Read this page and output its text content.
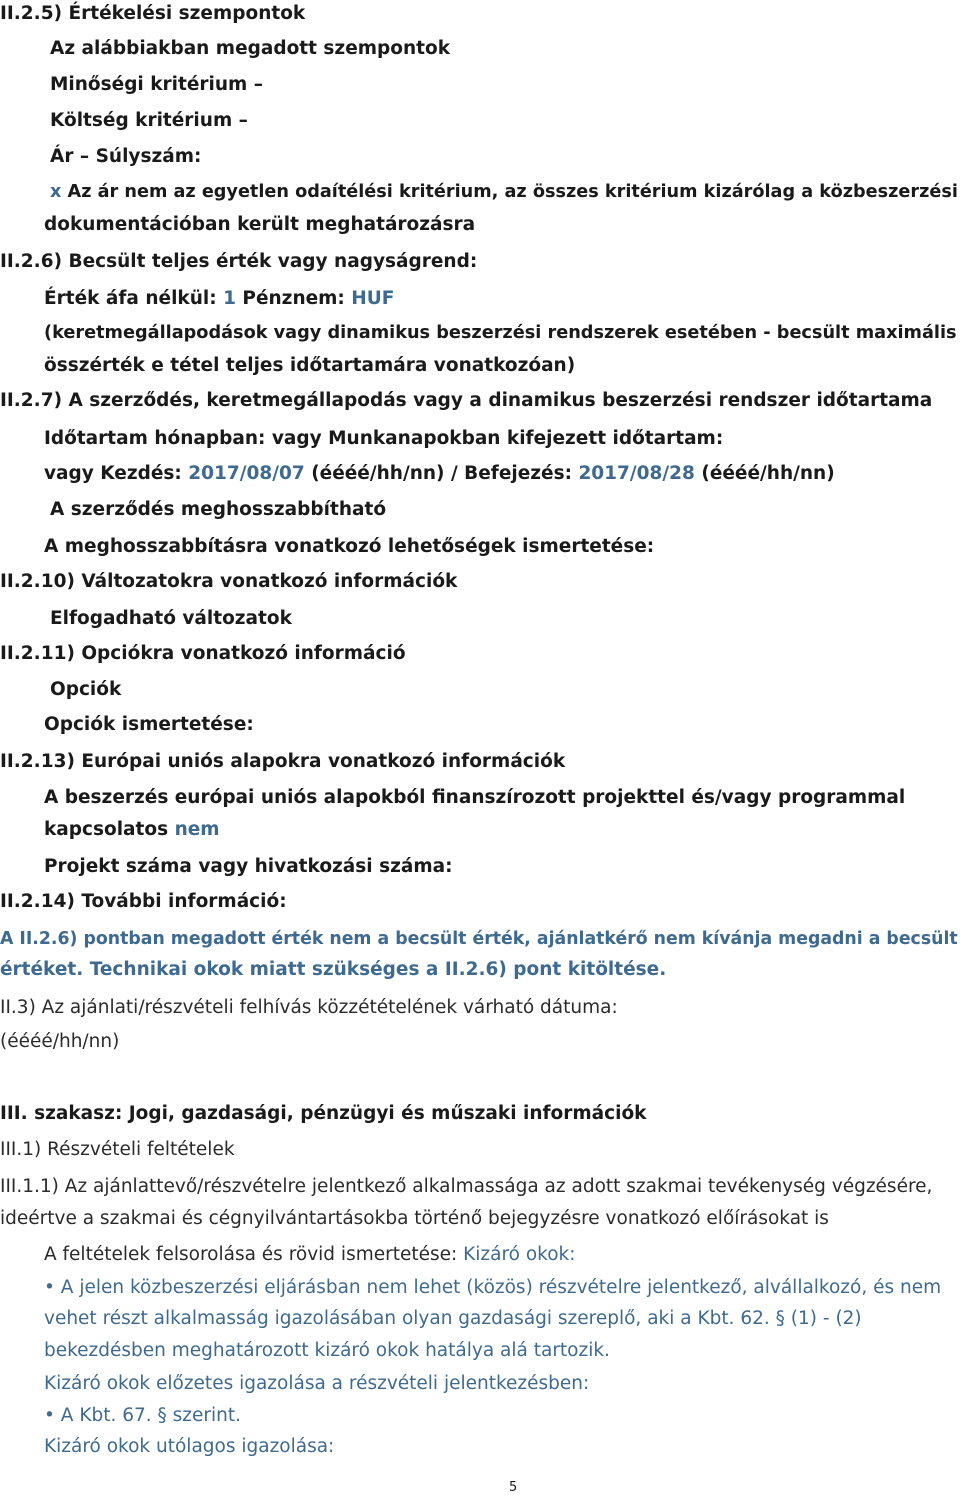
II.2.5) Értékelési szempontok
Az alábbiakban megadott szempontok
Minőségi kritérium –
Költség kritérium –
Ár – Súlyszám:
x Az ár nem az egyetlen odaítélési kritérium, az összes kritérium kizárólag a közbeszerzési
dokumentációban került meghatározásra
II.2.6) Becsült teljes érték vagy nagyságrend:
Érték áfa nélkül: 1 Pénznem: HUF
(keretmegállapodások vagy dinamikus beszerzési rendszerek esetében - becsült maximális
összérték e tétel teljes időtartamára vonatkozóan)
II.2.7) A szerződés, keretmegállapodás vagy a dinamikus beszerzési rendszer időtartama
Időtartam hónapban: vagy Munkanapokban kifejezett időtartam:
vagy Kezdés: 2017/08/07 (éééé/hh/nn) / Befejezés: 2017/08/28 (éééé/hh/nn)
A szerződés meghosszabbítható
A meghosszabbításra vonatkozó lehetőségek ismertetése:
II.2.10) Változatokra vonatkozó információk
Elfogadható változatok
II.2.11) Opciókra vonatkozó információ
Opciók
Opciók ismertetése:
II.2.13) Európai uniós alapokra vonatkozó információk
A beszerzés európai uniós alapokból finanszírozott projekttel és/vagy programmal
kapcsolatos nem
Projekt száma vagy hivatkozási száma:
II.2.14) További információ:
A II.2.6) pontban megadott érték nem a becsült érték, ajánlatkérő nem kívánja megadni a becsült
értéket. Technikai okok miatt szükséges a II.2.6) pont kitöltése.
II.3) Az ajánlati/részvételi felhívás közzétételének várható dátuma:
(éééé/hh/nn)
III. szakasz: Jogi, gazdasági, pénzügyi és műszaki információk
III.1) Részvételi feltételek
III.1.1) Az ajánlattevő/részvételre jelentkező alkalmassága az adott szakmai tevékenység végzésére,
ideértve a szakmai és cégnyilvántartásokba történő bejegyzésre vonatkozó előírásokat is
A feltételek felsorolása és rövid ismertetése: Kizáró okok:
• A jelen közbeszerzési eljárásban nem lehet (közös) részvételre jelentkező, alvállalkozó, és nem
vehet részt alkalmasság igazolásában olyan gazdasági szereplő, aki a Kbt. 62. § (1) - (2)
bekezdésben meghatározott kizáró okok hatálya alá tartozik.
Kizáró okok előzetes igazolása a részvételi jelentkezésben:
• A Kbt. 67. § szerint.
Kizáró okok utólagos igazolása:
5
